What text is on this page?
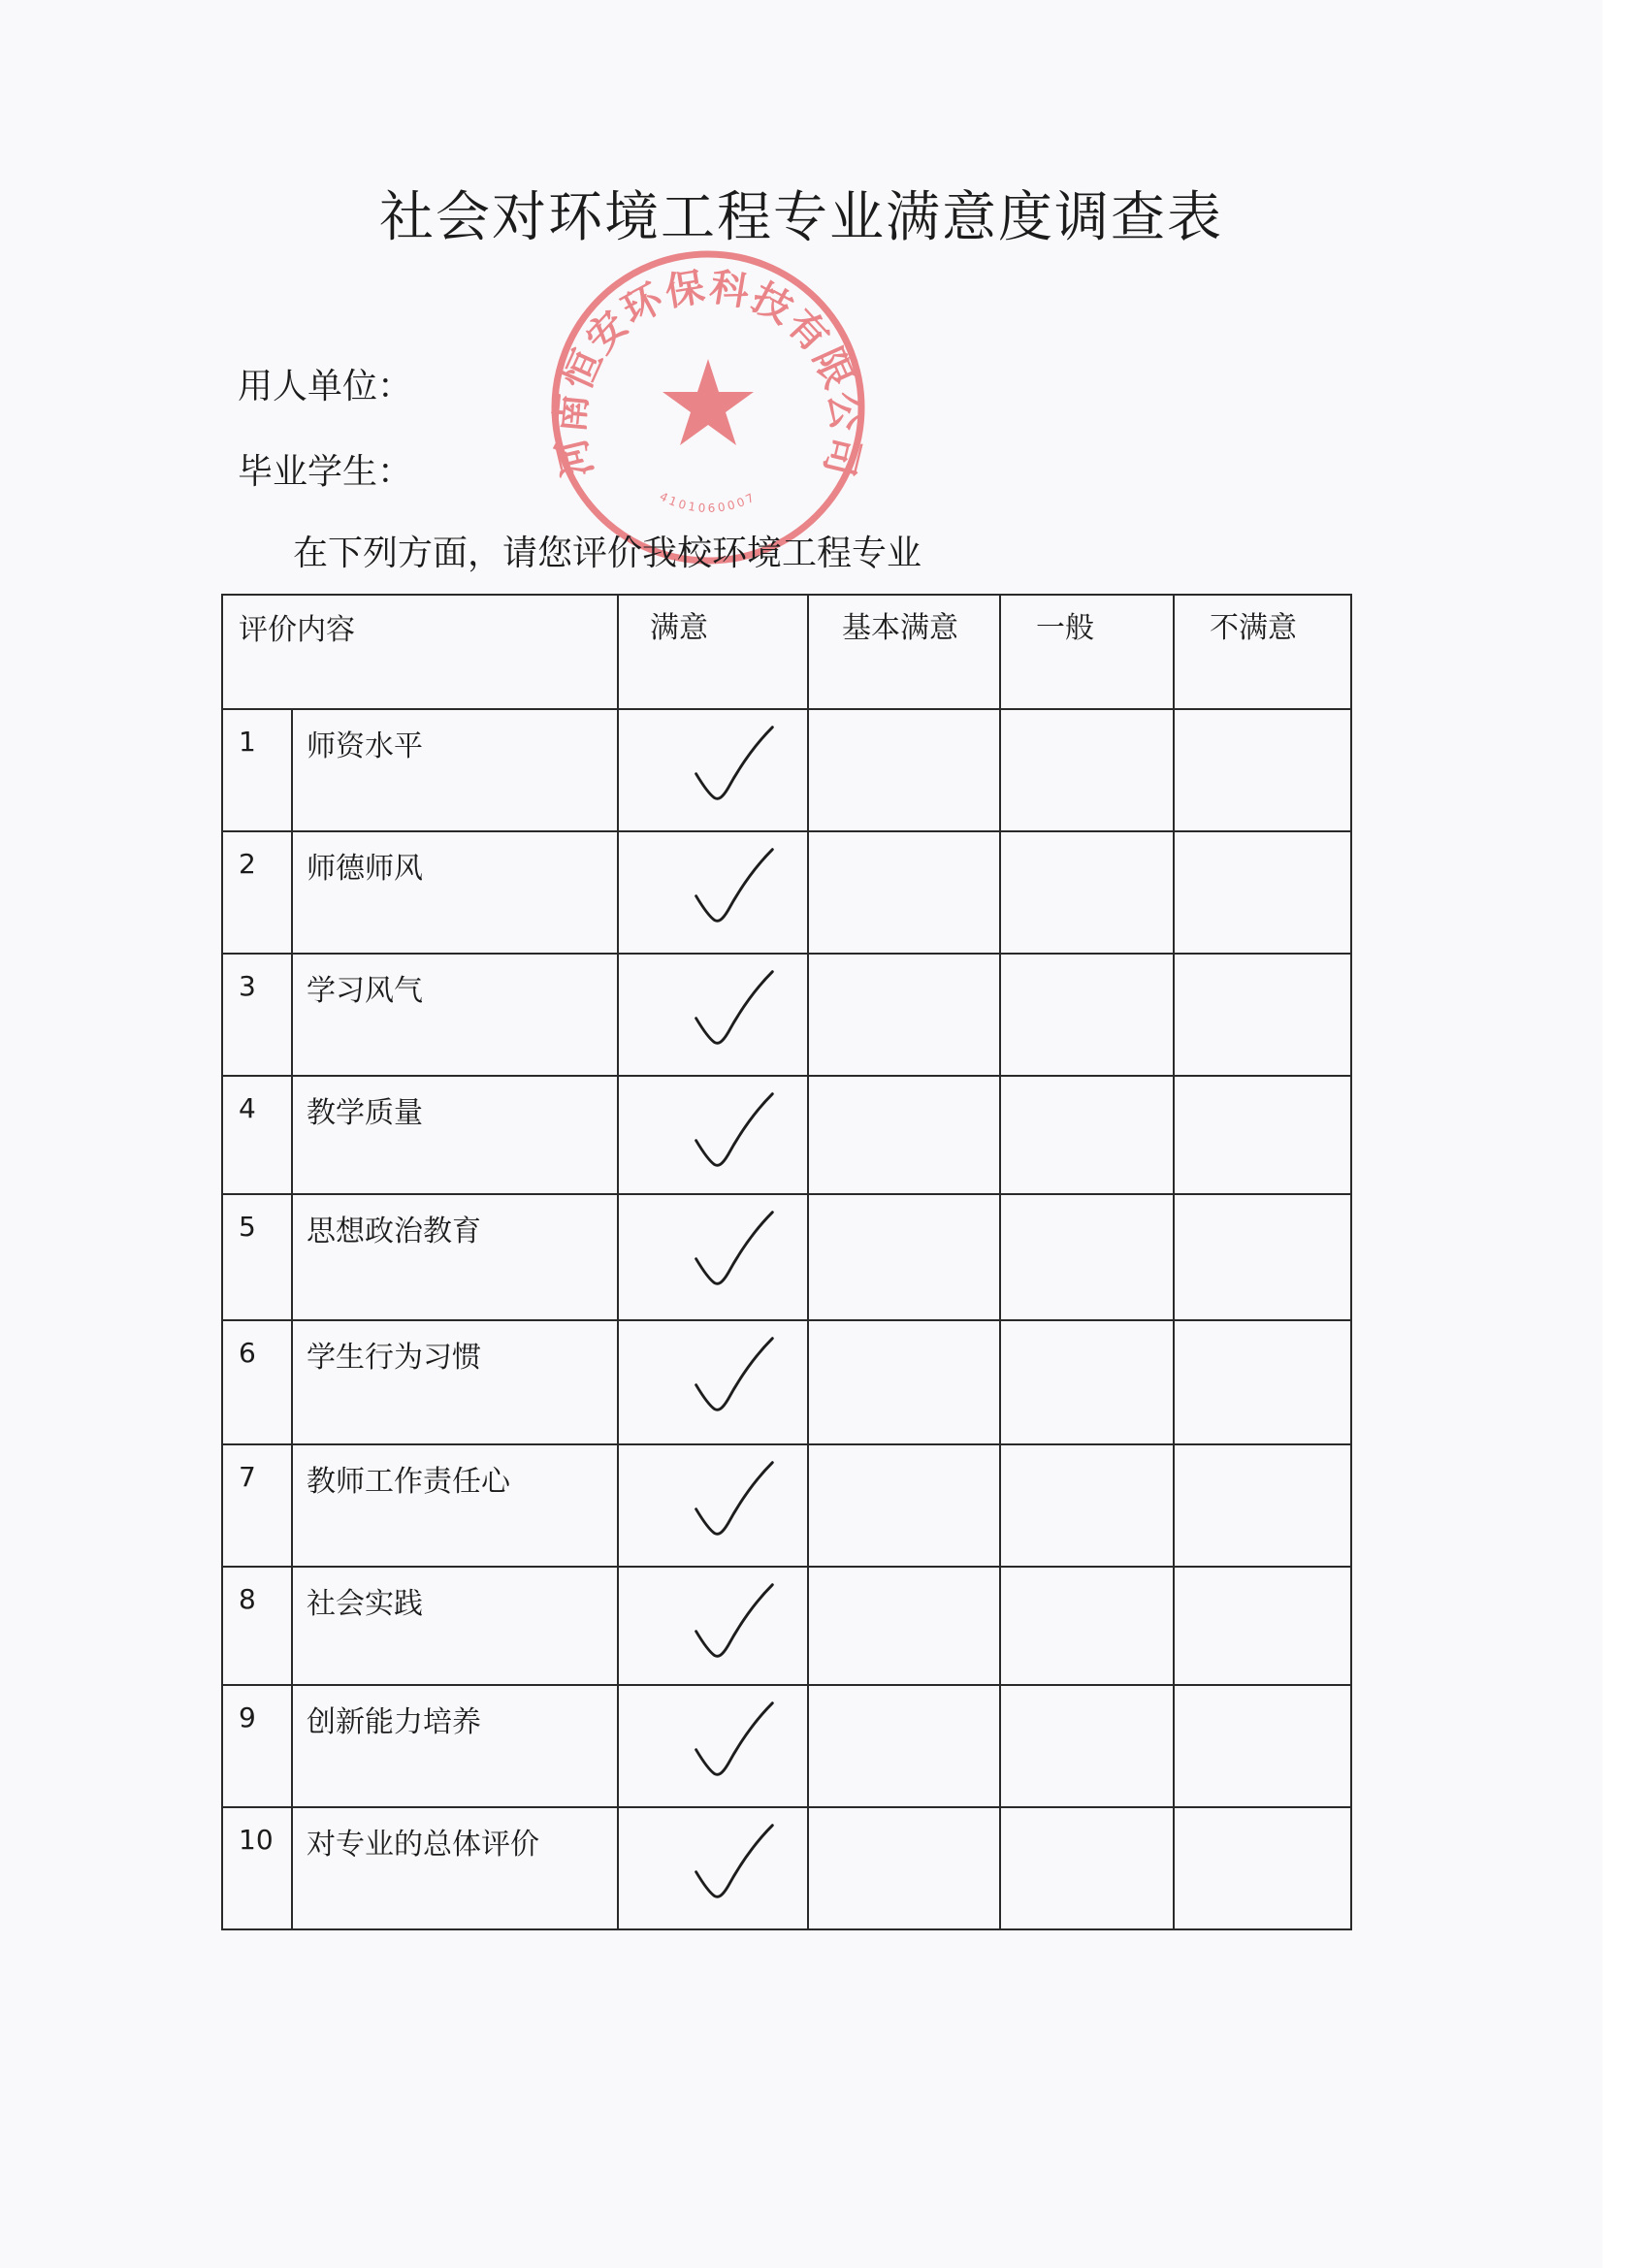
社会对环境工程专业满意度调查表
河南恒安环保科技有限公司
4101060007
用人单位：
毕业学生：
在下列方面，请您评价我校环境工程专业
评价内容		满意	基本满意	一般	不满意

1	师资水平

2	师德师风

3	学习风气

4	教学质量

5	思想政治教育

6	学生行为习惯

7	教师工作责任心

8	社会实践

9	创新能力培养

10	对专业的总体评价
